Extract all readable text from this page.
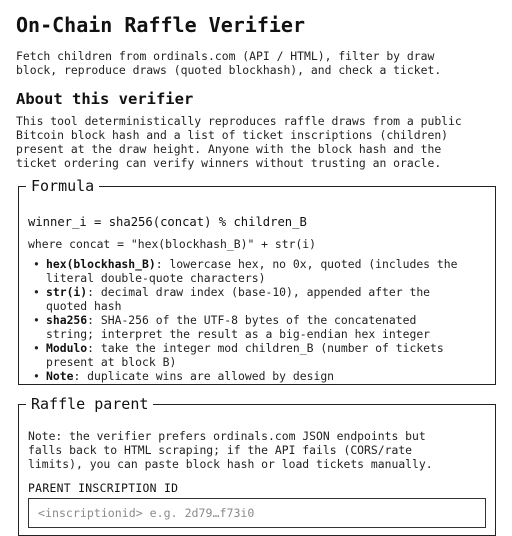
On-Chain Raffle Verifier

Fetch children from ordinals.com (API / HTML), filter by draw
block, reproduce draws (quoted blockhash), and check a ticket.

About this verifier

This tool deterministically reproduces raffle draws from a public
Bitcoin block hash and a list of ticket inscriptions (children)
present at the draw height. Anyone with the block hash and the
ticket ordering can verify winners without trusting an oracle.

Formula

winner_i = sha256(concat) % children_B

where concat = "hex(blockhash_B)" + str(i)

• hex(blockhash_B): lowercase hex, no 0x, quoted (includes the
literal double-quote characters)
• str(i): decimal draw index (base-10), appended after the
quoted hash
• sha256: SHA-256 of the UTF-8 bytes of the concatenated
string; interpret the result as a big-endian hex integer
• Modulo: take the integer mod children_B (number of tickets
present at block B)
• Note: duplicate wins are allowed by design
Raffle parent

Note: the verifier prefers ordinals.com JSON endpoints but
falls back to HTML scraping; if the API fails (CORS/rate
limits), you can paste block hash or load tickets manually.

PARENT INSCRIPTION ID

<inscriptionid> e.g. 2d79…f73i0
